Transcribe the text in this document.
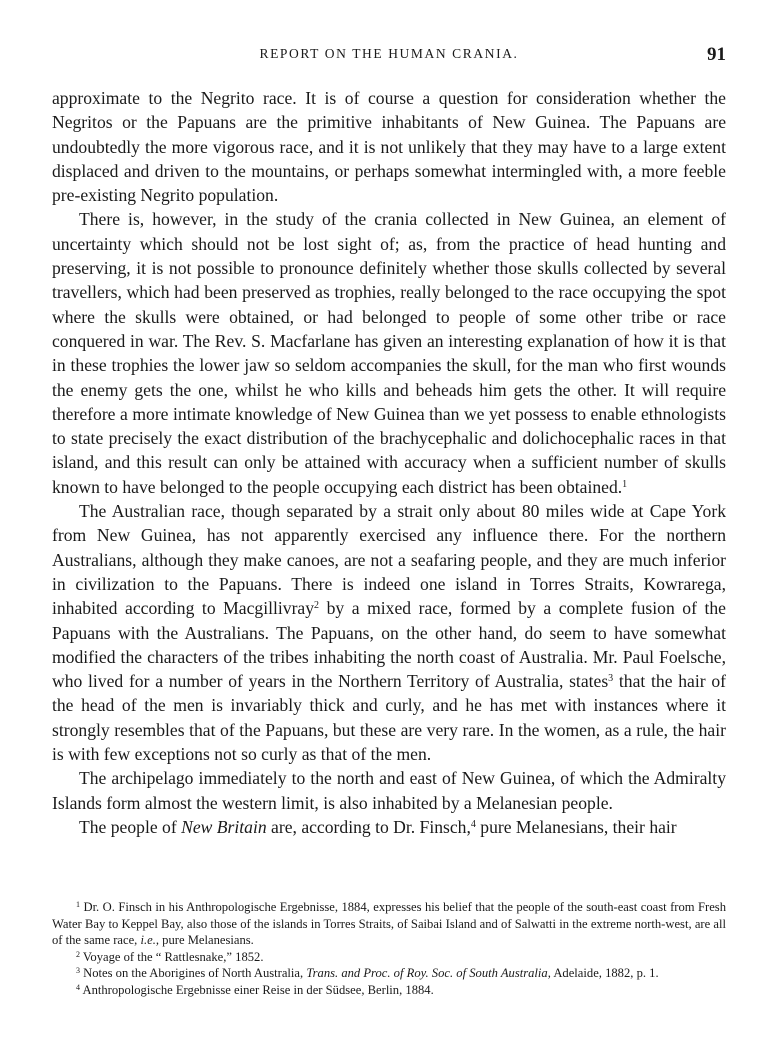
REPORT ON THE HUMAN CRANIA.	91

approximate to the Negrito race. It is of course a question for consideration whether the Negritos or the Papuans are the primitive inhabitants of New Guinea. The Papuans are undoubtedly the more vigorous race, and it is not unlikely that they may have to a large extent displaced and driven to the mountains, or perhaps somewhat intermingled with, a more feeble pre-existing Negrito population.

There is, however, in the study of the crania collected in New Guinea, an element of uncertainty which should not be lost sight of; as, from the practice of head hunting and preserving, it is not possible to pronounce definitely whether those skulls collected by several travellers, which had been preserved as trophies, really belonged to the race occupying the spot where the skulls were obtained, or had belonged to people of some other tribe or race conquered in war. The Rev. S. Macfarlane has given an interesting explanation of how it is that in these trophies the lower jaw so seldom accompanies the skull, for the man who first wounds the enemy gets the one, whilst he who kills and beheads him gets the other. It will require therefore a more intimate knowledge of New Guinea than we yet possess to enable ethnologists to state precisely the exact distribution of the brachycephalic and dolichocephalic races in that island, and this result can only be attained with accuracy when a sufficient number of skulls known to have belonged to the people occupying each district has been obtained.$^1$

The Australian race, though separated by a strait only about 80 miles wide at Cape York from New Guinea, has not apparently exercised any influence there. For the northern Australians, although they make canoes, are not a seafaring people, and they are much inferior in civilization to the Papuans. There is indeed one island in Torres Straits, Kowrarega, inhabited according to Macgillivray$^2$ by a mixed race, formed by a complete fusion of the Papuans with the Australians. The Papuans, on the other hand, do seem to have somewhat modified the characters of the tribes inhabiting the north coast of Australia. Mr. Paul Foelsche, who lived for a number of years in the Northern Territory of Australia, states$^3$ that the hair of the head of the men is invariably thick and curly, and he has met with instances where it strongly resembles that of the Papuans, but these are very rare. In the women, as a rule, the hair is with few exceptions not so curly as that of the men.

The archipelago immediately to the north and east of New Guinea, of which the Admiralty Islands form almost the western limit, is also inhabited by a Melanesian people.

The people of New Britain are, according to Dr. Finsch,$^4$ pure Melanesians, their hair

$^1$ Dr. O. Finsch in his Anthropologische Ergebnisse, 1884, expresses his belief that the people of the south-east coast from Fresh Water Bay to Keppel Bay, also those of the islands in Torres Straits, of Saibai Island and of Salwatti in the extreme north-west, are all of the same race, i.e., pure Melanesians.

$^2$ Voyage of the “ Rattlesnake,” 1852.

$^3$ Notes on the Aborigines of North Australia, Trans. and Proc. of Roy. Soc. of South Australia, Adelaide, 1882, p. 1.

$^4$ Anthropologische Ergebnisse einer Reise in der Südsee, Berlin, 1884.
